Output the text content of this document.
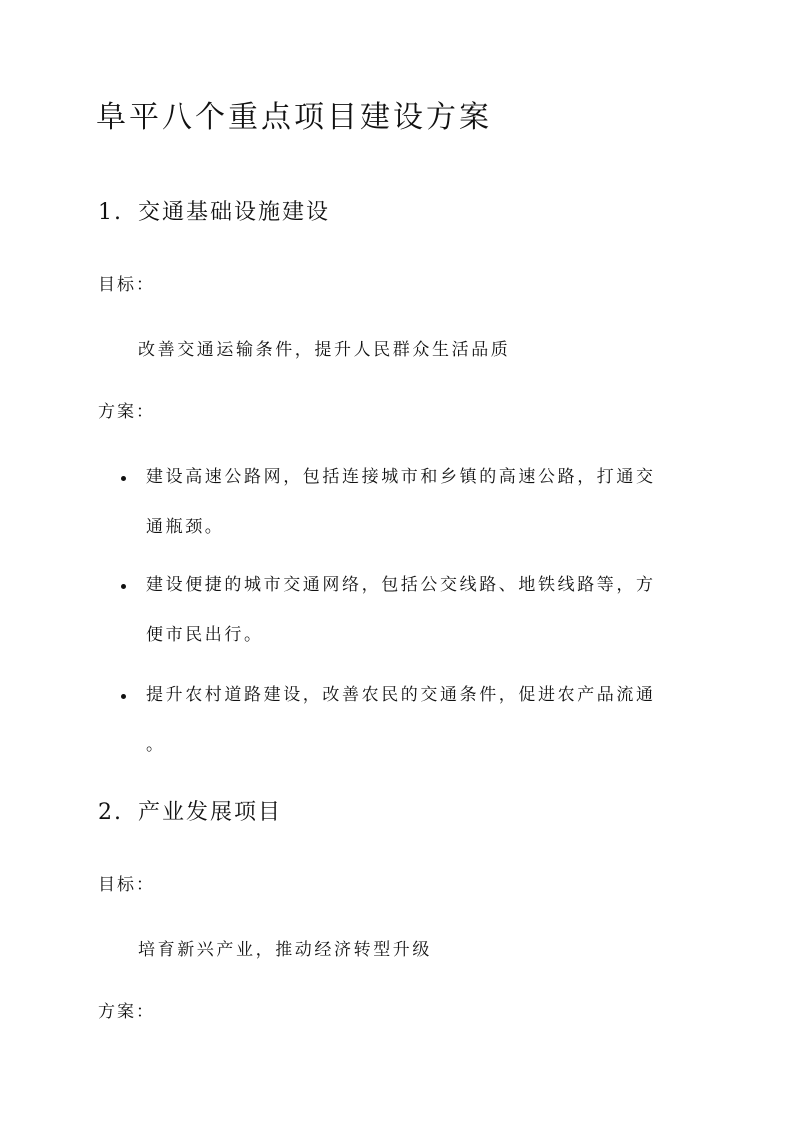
阜平八个重点项目建设方案
1. 交通基础设施建设
目标：
改善交通运输条件，提升人民群众生活品质
方案：
建设高速公路网，包括连接城市和乡镇的高速公路，打通交
通瓶颈。
建设便捷的城市交通网络，包括公交线路、地铁线路等，方
便市民出行。
提升农村道路建设，改善农民的交通条件，促进农产品流通
。
2. 产业发展项目
目标：
培育新兴产业，推动经济转型升级
方案：
